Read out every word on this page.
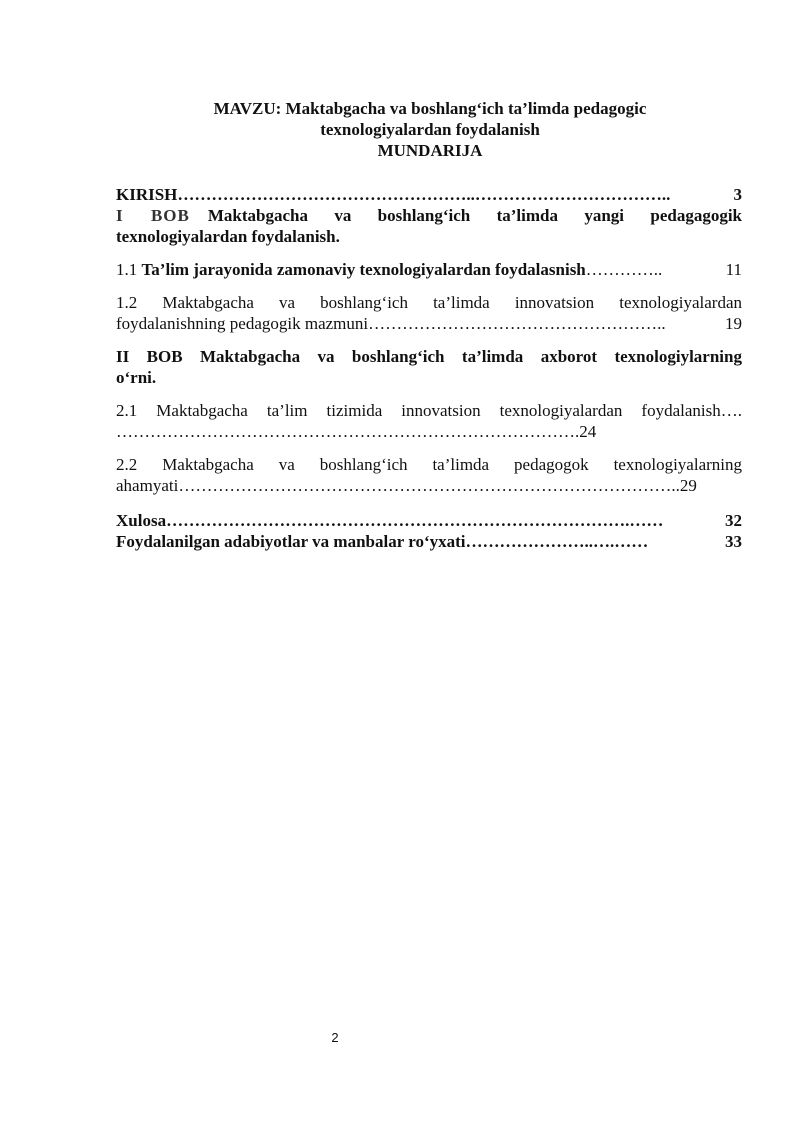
MAVZU: Maktabgacha va boshlang‘ich ta’limda pedagogic
texnologiyalardan foydalanish
MUNDARIJA
KIRISH ……………………………………………..……………………………..	3
I BOB Maktabgacha va boshlang‘ich ta’limda yangi pedagagogik
texnologiyalardan foydalanish.
1.1 Ta’lim jarayonida zamonaviy texnologiyalardan foydalasnish …………..	11
1.2 Maktabgacha va boshlang‘ich ta’limda innovatsion texnologiyalardan
foydalanishning pedagogik mazmuni ……………………………………………..	19
II BOB Maktabgacha va boshlang‘ich ta’limda axborot texnologiylarning
o‘rni.
2.1 Maktabgacha ta’lim tizimida innovatsion texnologiyalardan foydalanish….
……………………………………………………………………….24
2.2 Maktabgacha va boshlang‘ich ta’limda pedagogok texnologiyalarning
ahamyati……………………………………………………………………………..29
Xulosa ……………………………………………………………………….……	32
Foydalanilgan adabiyotlar va manbalar ro‘yxati …………………..….……	33
2
